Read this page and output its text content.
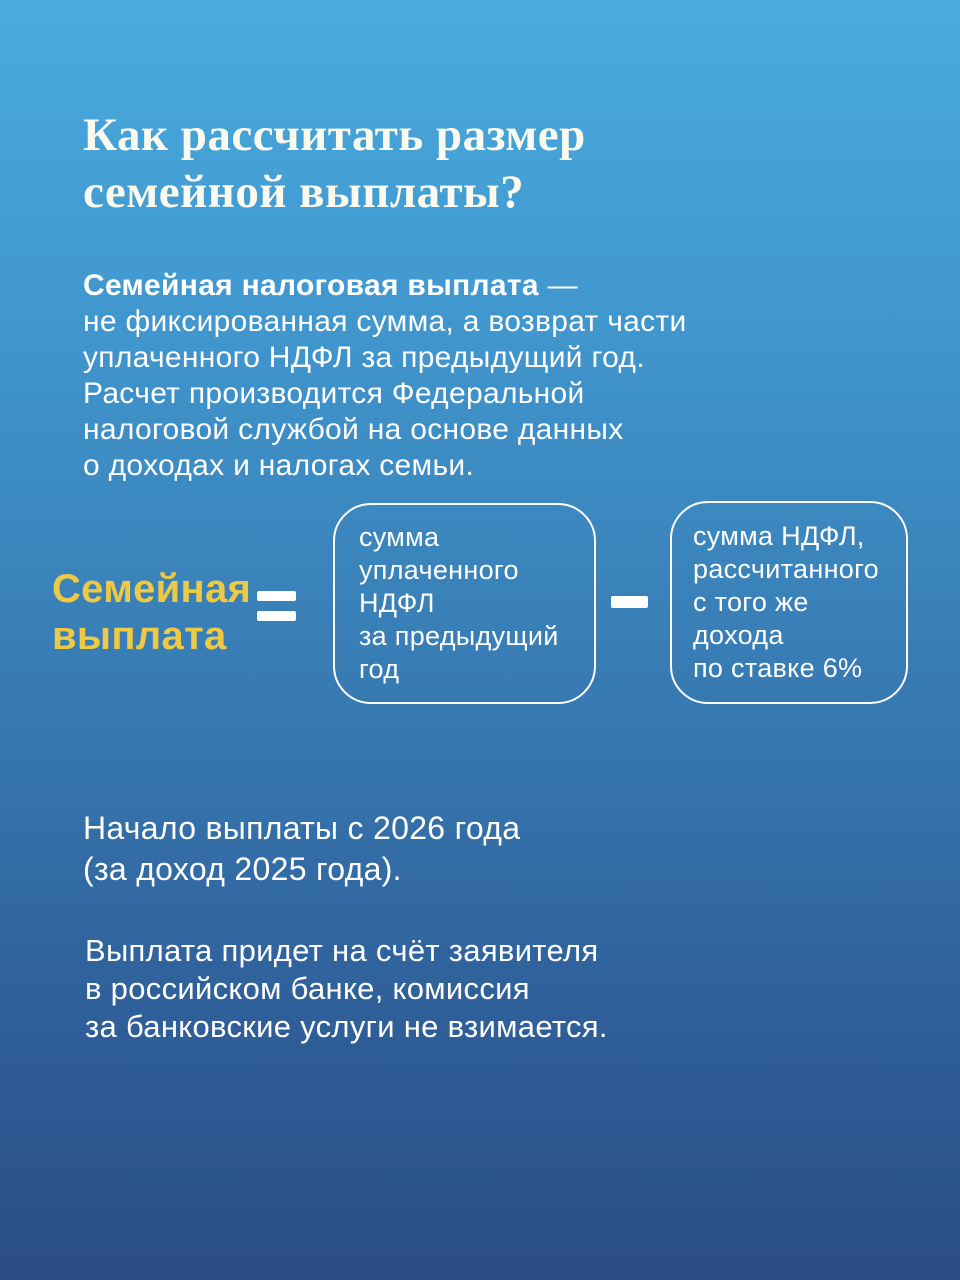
Как рассчитать размер
семейной выплаты?

Семейная налоговая выплата —
не фиксированная сумма, а возврат части
уплаченного НДФЛ за предыдущий год.
Расчет производится Федеральной
налоговой службой на основе данных
о доходах и налогах семьи.

Семейная
выплата
сумма
уплаченного
НДФЛ
за предыдущий
год
сумма НДФЛ,
рассчитанного
с того же
дохода
по ставке 6%

Начало выплаты с 2026 года
(за доход 2025 года).

Выплата придет на счёт заявителя
в российском банке, комиссия
за банковские услуги не взимается.
